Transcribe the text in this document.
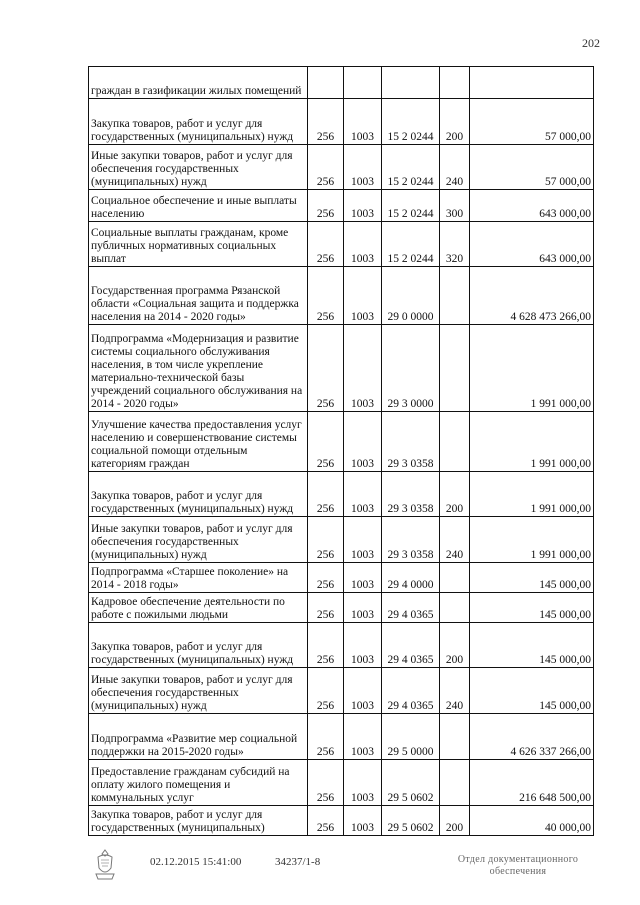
202
граждан в газификации жилых помещений					
Закупка товаров, работ и услуг для государственных (муниципальных) нужд	256	1003	15 2 0244	200	57 000,00
Иные закупки товаров, работ и услуг для обеспечения государственных (муниципальных) нужд	256	1003	15 2 0244	240	57 000,00
Социальное обеспечение и иные выплаты населению	256	1003	15 2 0244	300	643 000,00
Социальные выплаты гражданам, кроме публичных нормативных социальных выплат	256	1003	15 2 0244	320	643 000,00
Государственная программа Рязанской области «Социальная защита и поддержка населения на 2014 - 2020 годы»	256	1003	29 0 0000		4 628 473 266,00
Подпрограмма «Модернизация и развитие системы социального обслуживания населения, в том числе укрепление материально-технической базы учреждений социального обслуживания на 2014 - 2020 годы»	256	1003	29 3 0000		1 991 000,00
Улучшение качества предоставления услуг населению и совершенствование системы социальной помощи отдельным категориям граждан	256	1003	29 3 0358		1 991 000,00
Закупка товаров, работ и услуг для государственных (муниципальных) нужд	256	1003	29 3 0358	200	1 991 000,00
Иные закупки товаров, работ и услуг для обеспечения государственных (муниципальных) нужд	256	1003	29 3 0358	240	1 991 000,00
Подпрограмма «Старшее поколение» на 2014 - 2018 годы»	256	1003	29 4 0000		145 000,00
Кадровое обеспечение деятельности по работе с пожилыми людьми	256	1003	29 4 0365		145 000,00
Закупка товаров, работ и услуг для государственных (муниципальных) нужд	256	1003	29 4 0365	200	145 000,00
Иные закупки товаров, работ и услуг для обеспечения государственных (муниципальных) нужд	256	1003	29 4 0365	240	145 000,00
Подпрограмма «Развитие мер социальной поддержки на 2015-2020 годы»	256	1003	29 5 0000		4 626 337 266,00
Предоставление гражданам субсидий на оплату жилого помещения и коммунальных услуг	256	1003	29 5 0602		216 648 500,00
Закупка товаров, работ и услуг для государственных (муниципальных)	256	1003	29 5 0602	200	40 000,00
02.12.2015 15:41:00	34237/1-8	Отдел документационного
обеспечения
